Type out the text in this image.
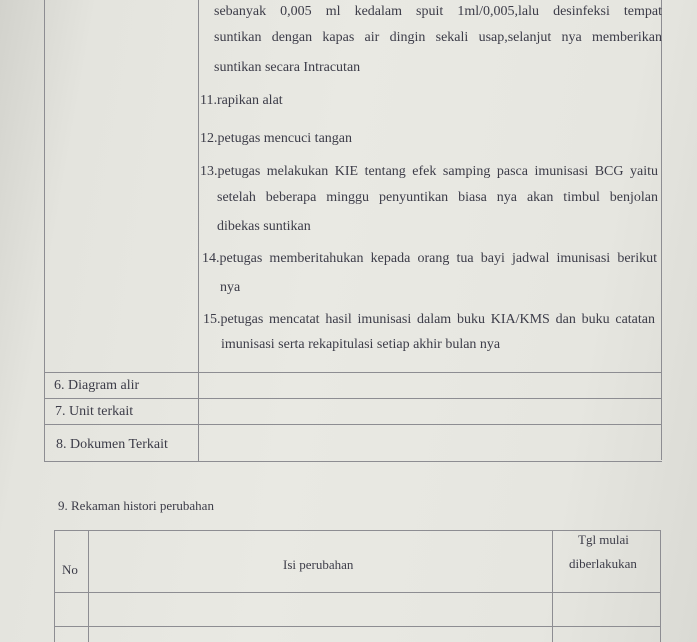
sebanyak 0,005 ml kedalam spuit 1ml/0,005,lalu desinfeksi tempat
suntikan dengan kapas air dingin sekali usap,selanjut nya memberikan
suntikan secara Intracutan
11.rapikan alat
12.petugas mencuci tangan
13.petugas melakukan KIE tentang efek samping pasca imunisasi BCG yaitu
setelah beberapa minggu penyuntikan biasa nya akan timbul benjolan
dibekas suntikan
14.petugas memberitahukan kepada orang tua bayi jadwal imunisasi berikut
nya
15.petugas mencatat hasil imunisasi dalam buku KIA/KMS dan buku catatan
imunisasi serta rekapitulasi setiap akhir bulan nya
6. Diagram alir
7. Unit terkait
8. Dokumen Terkait
9. Rekaman histori perubahan
No	Isi perubahan
Tgl mulai
diberlakukan
